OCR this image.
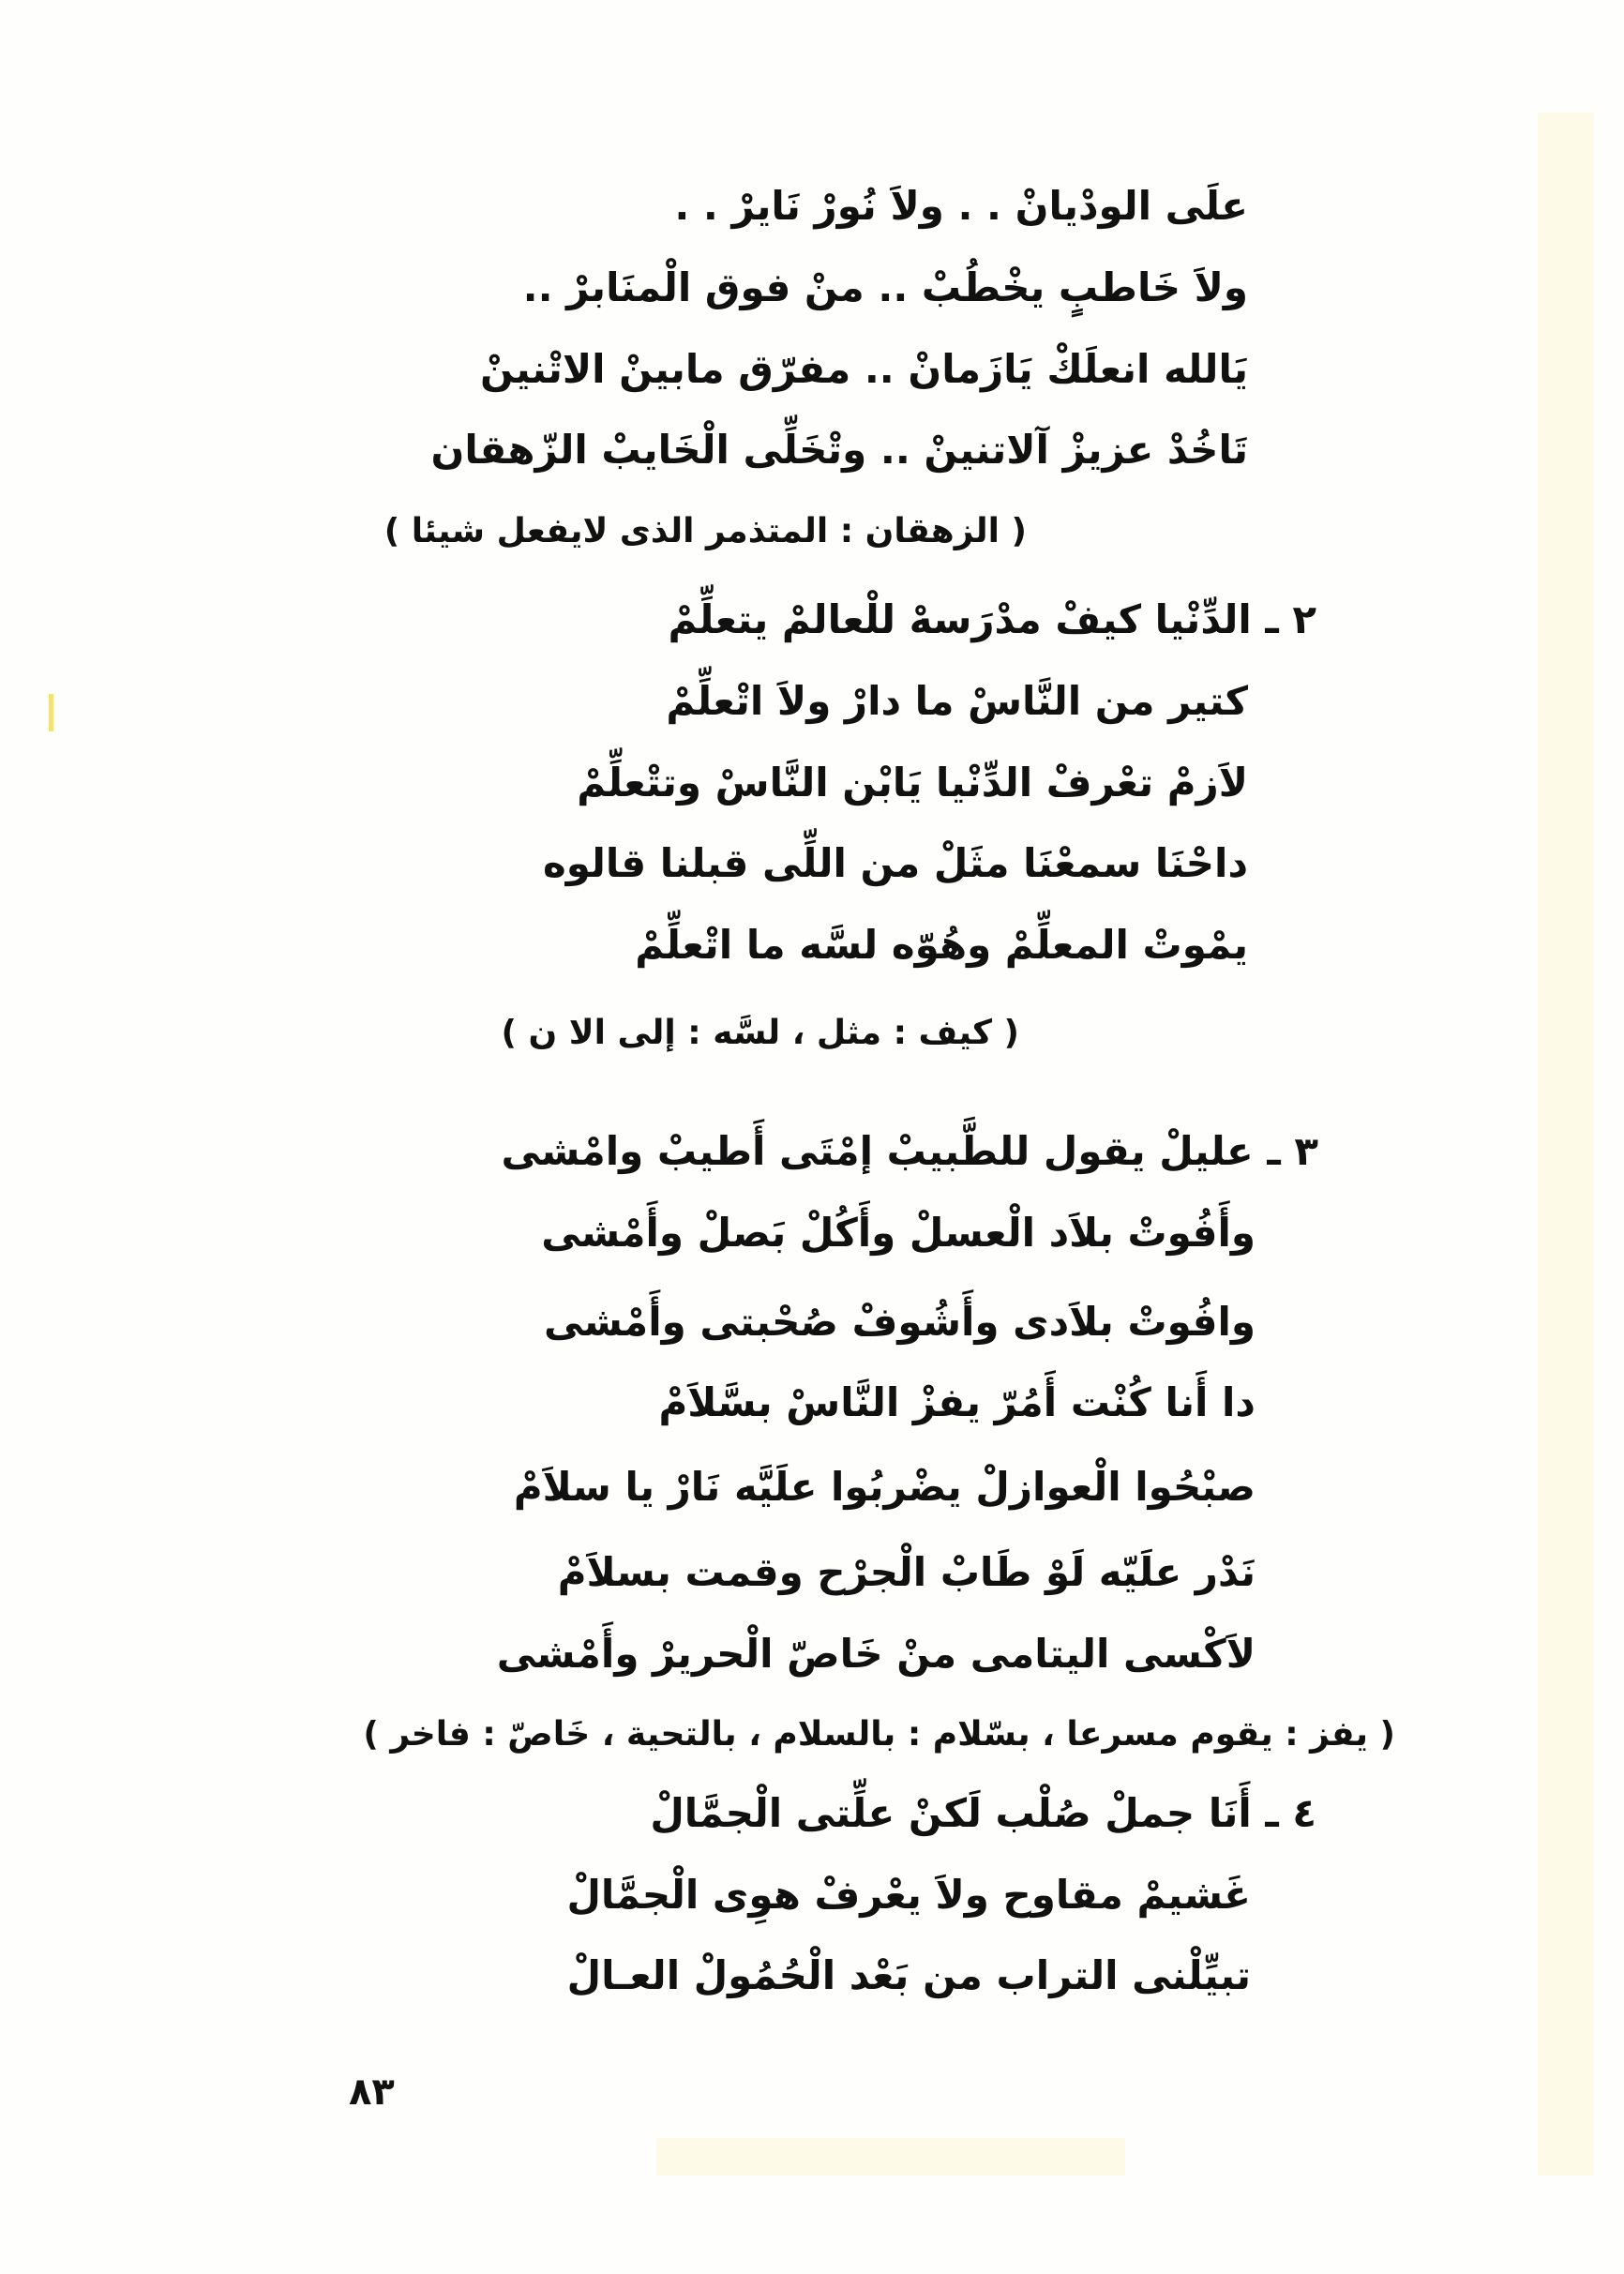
علَى الودْيانْ . . ولاَ نُورْ نَايرْ . .
ولاَ خَاطبٍ يخْطُبْ .. منْ فوق الْمنَابرْ ..
يَالله انعلَكْ يَازَمانْ .. مفرّق مابينْ الاتْنينْ
تَاخُدْ عزيزْ آلاتنينْ .. وتْخَلِّى الْخَايبْ الزّهقان
( الزهقان : المتذمر الذى لايفعل شيئا )
٢ ـ الدِّنْيا كيفْ مدْرَسهْ للْعالمْ يتعلِّمْ
كتير من النَّاسْ ما دارْ ولاَ اتْعلِّمْ
لاَزمْ تعْرفْ الدِّنْيا يَابْن النَّاسْ وتتْعلِّمْ
داحْنَا سمعْنَا مثَلْ من اللِّى قبلنا قالوه
يمْوتْ المعلِّمْ وهُوّه لسَّه ما اتْعلِّمْ
( كيف : مثل ، لسَّه : إلى الا ن )
٣ ـ عليلْ يقول للطَّبيبْ إمْتَى أَطيبْ وامْشى
وأَفُوتْ بلاَد الْعسلْ وأَكُلْ بَصلْ وأَمْشى
وافُوتْ بلاَدى وأَشُوفْ صُحْبتى وأَمْشى
دا أَنا كُنْت أَمُرّ يفزْ النَّاسْ بسَّلاَمْ
صبْحُوا الْعوازلْ يضْربُوا علَيَّه نَارْ يا سلاَمْ
نَدْر علَيّه لَوْ طَابْ الْجرْح وقمت بسلاَمْ
لاَكْسى اليتامى منْ خَاصّ الْحريرْ وأَمْشى
( يفز : يقوم مسرعا ، بسّلام : بالسلام ، بالتحية ، خَاصّ : فاخر )
٤ ـ أَنَا جملْ صُلْب لَكنْ علِّتى الْجمَّالْ
غَشيمْ مقاوح ولاَ يعْرفْ هوِى الْجمَّالْ
تبيِّلْنى التراب من بَعْد الْحُمُولْ العـالْ
٨٣
